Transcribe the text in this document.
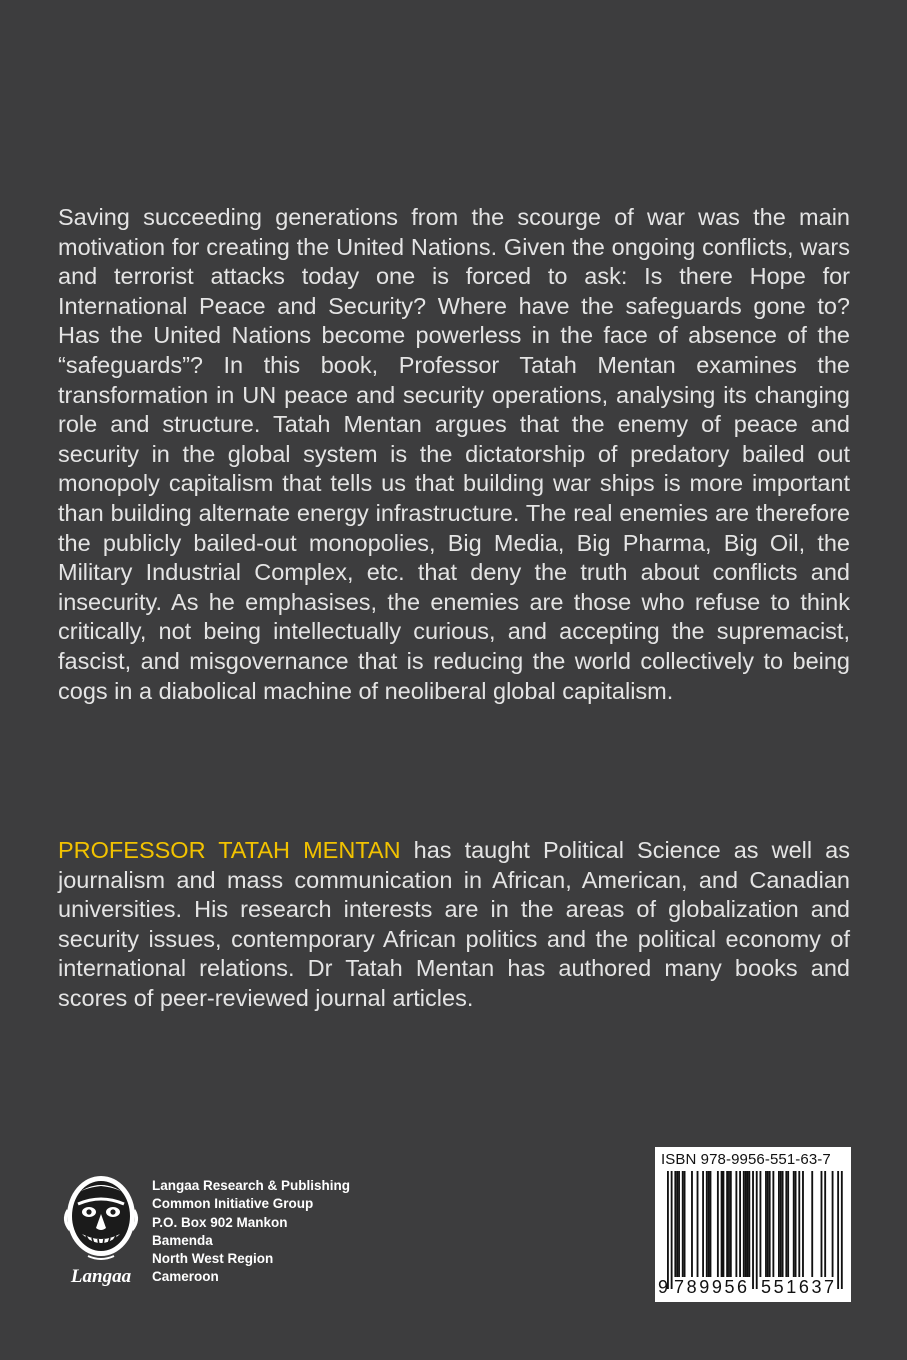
Saving succeeding generations from the scourge of war was the main motivation for creating the United Nations. Given the ongoing conflicts, wars and terrorist attacks today one is forced to ask: Is there Hope for International Peace and Security? Where have the safeguards gone to? Has the United Nations become powerless in the face of absence of the “safeguards”? In this book, Professor Tatah Mentan examines the transformation in UN peace and security operations, analysing its changing role and structure. Tatah Mentan argues that the enemy of peace and security in the global system is the dictatorship of predatory bailed out monopoly capitalism that tells us that building war ships is more important than building alternate energy infrastructure. The real enemies are therefore the publicly bailed-out monopolies, Big Media, Big Pharma, Big Oil, the Military Industrial Complex, etc. that deny the truth about conflicts and insecurity. As he emphasises, the enemies are those who refuse to think critically, not being intellectually curious, and accepting the supremacist, fascist, and misgovernance that is reducing the world collectively to being cogs in a diabolical machine of neoliberal global capitalism.

PROFESSOR TATAH MENTAN has taught Political Science as well as journalism and mass communication in African, American, and Canadian universities. His research interests are in the areas of globalization and security issues, contemporary African politics and the political economy of international relations. Dr Tatah Mentan has authored many books and scores of peer-reviewed journal articles.

Langaa
Langaa Research & Publishing
Common Initiative Group
P.O. Box 902 Mankon
Bamenda
North West Region
Cameroon
ISBN 978-9956-551-63-7
9 789956 551637
